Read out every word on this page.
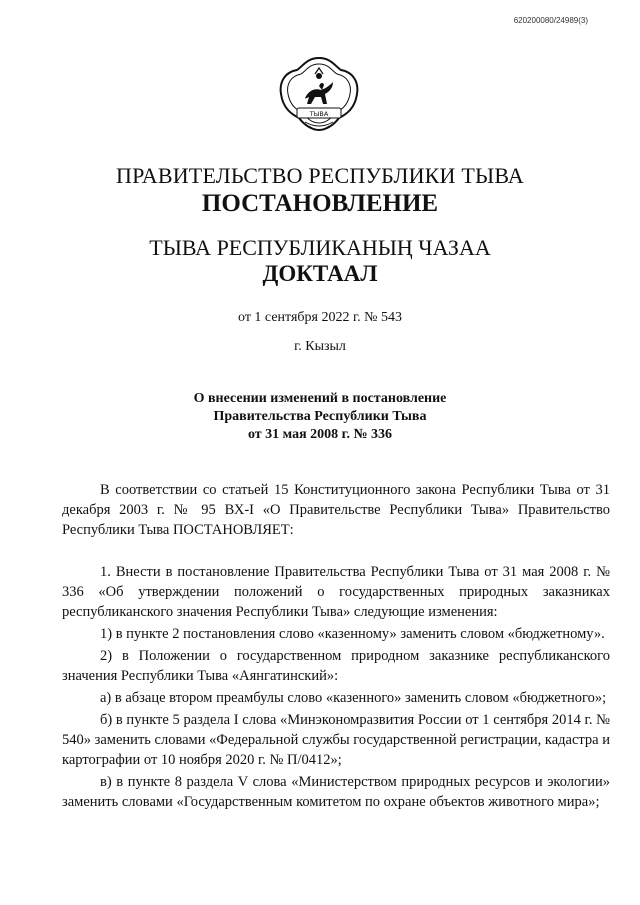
620200080/24989(3)
ТЫВА
ПРАВИТЕЛЬСТВО РЕСПУБЛИКИ ТЫВА
ПОСТАНОВЛЕНИЕ
ТЫВА РЕСПУБЛИКАНЫҢ ЧАЗАА
ДОКТААЛ
от 1 сентября 2022 г. № 543
г. Кызыл
О внесении изменений в постановление
Правительства Республики Тыва
от 31 мая 2008 г. № 336

В соответствии со статьей 15 Конституционного закона Республики Тыва от 31 декабря 2003 г. № 95 ВХ-I «О Правительстве Республики Тыва» Правительство Республики Тыва ПОСТАНОВЛЯЕТ:

1. Внести в постановление Правительства Республики Тыва от 31 мая 2008 г. № 336 «Об утверждении положений о государственных природных заказниках республиканского значения Республики Тыва» следующие изменения:

1) в пункте 2 постановления слово «казенному» заменить словом «бюджетному».

2) в Положении о государственном природном заказнике республиканского значения Республики Тыва «Аянгатинский»:

а) в абзаце втором преамбулы слово «казенного» заменить словом «бюджетного»;

б) в пункте 5 раздела I слова «Минэкономразвития России от 1 сентября 2014 г. № 540» заменить словами «Федеральной службы государственной регистрации, кадастра и картографии от 10 ноября 2020 г. № П/0412»;

в) в пункте 8 раздела V слова «Министерством природных ресурсов и экологии» заменить словами «Государственным комитетом по охране объектов животного мира»;
